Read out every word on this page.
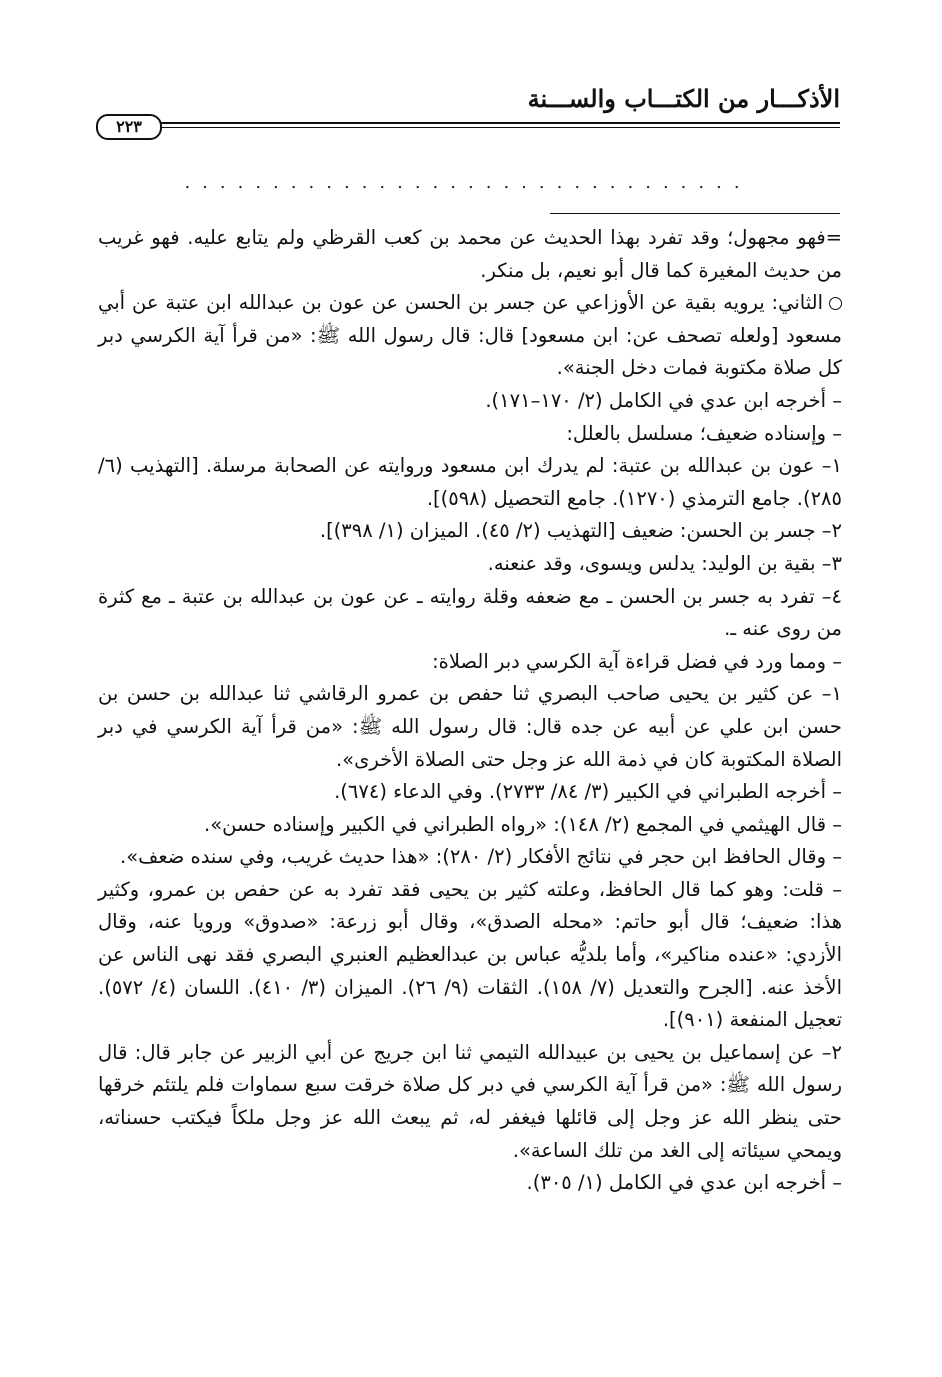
الأذكـــار من الكتـــاب والســـنة
٢٢٣
................................

=فهو مجهول؛ وقد تفرد بهذا الحديث عن محمد بن كعب القرظي ولم يتابع عليه. فهو غريب من حديث المغيرة كما قال أبو نعيم، بل منكر.

الثاني: يرويه بقية عن الأوزاعي عن جسر بن الحسن عن عون بن عبدالله ابن عتبة عن أبي مسعود [ولعله تصحف عن: ابن مسعود] قال: قال رسول الله ﷺ: «من قرأ آية الكرسي دبر كل صلاة مكتوبة فمات دخل الجنة».

– أخرجه ابن عدي في الكامل (٢/ ١٧٠–١٧١).

– وإسناده ضعيف؛ مسلسل بالعلل:

١– عون بن عبدالله بن عتبة: لم يدرك ابن مسعود وروايته عن الصحابة مرسلة. [التهذيب (٦/ ٢٨٥). جامع الترمذي (١٢٧٠). جامع التحصيل (٥٩٨)].

٢– جسر بن الحسن: ضعيف [التهذيب (٢/ ٤٥). الميزان (١/ ٣٩٨)].

٣– بقية بن الوليد: يدلس ويسوى، وقد عنعنه.

٤– تفرد به جسر بن الحسن ـ مع ضعفه وقلة روايته ـ عن عون بن عبدالله بن عتبة ـ مع كثرة من روى عنه ـ.

– ومما ورد في فضل قراءة آية الكرسي دبر الصلاة:

١– عن كثير بن يحيى صاحب البصري ثنا حفص بن عمرو الرقاشي ثنا عبدالله بن حسن بن حسن ابن علي عن أبيه عن جده قال: قال رسول الله ﷺ: «من قرأ آية الكرسي في دبر الصلاة المكتوبة كان في ذمة الله عز وجل حتى الصلاة الأخرى».

– أخرجه الطبراني في الكبير (٣/ ٨٤/ ٢٧٣٣). وفي الدعاء (٦٧٤).

– قال الهيثمي في المجمع (٢/ ١٤٨): «رواه الطبراني في الكبير وإسناده حسن».

– وقال الحافظ ابن حجر في نتائج الأفكار (٢/ ٢٨٠): «هذا حديث غريب، وفي سنده ضعف».

– قلت: وهو كما قال الحافظ، وعلته كثير بن يحيى فقد تفرد به عن حفص بن عمرو، وكثير هذا: ضعيف؛ قال أبو حاتم: «محله الصدق»، وقال أبو زرعة: «صدوق» ورويا عنه، وقال الأزدي: «عنده مناكير»، وأما بلديُّه عباس بن عبدالعظيم العنبري البصري فقد نهى الناس عن الأخذ عنه. [الجرح والتعديل (٧/ ١٥٨). الثقات (٩/ ٢٦). الميزان (٣/ ٤١٠). اللسان (٤/ ٥٧٢). تعجيل المنفعة (٩٠١)].

٢– عن إسماعيل بن يحيى بن عبيدالله التيمي ثنا ابن جريج عن أبي الزبير عن جابر قال: قال رسول الله ﷺ: «من قرأ آية الكرسي في دبر كل صلاة خرقت سبع سماوات فلم يلتئم خرقها حتى ينظر الله عز وجل إلى قائلها فيغفر له، ثم يبعث الله عز وجل ملكاً فيكتب حسناته، ويمحي سيئاته إلى الغد من تلك الساعة».

– أخرجه ابن عدي في الكامل (١/ ٣٠٥).
